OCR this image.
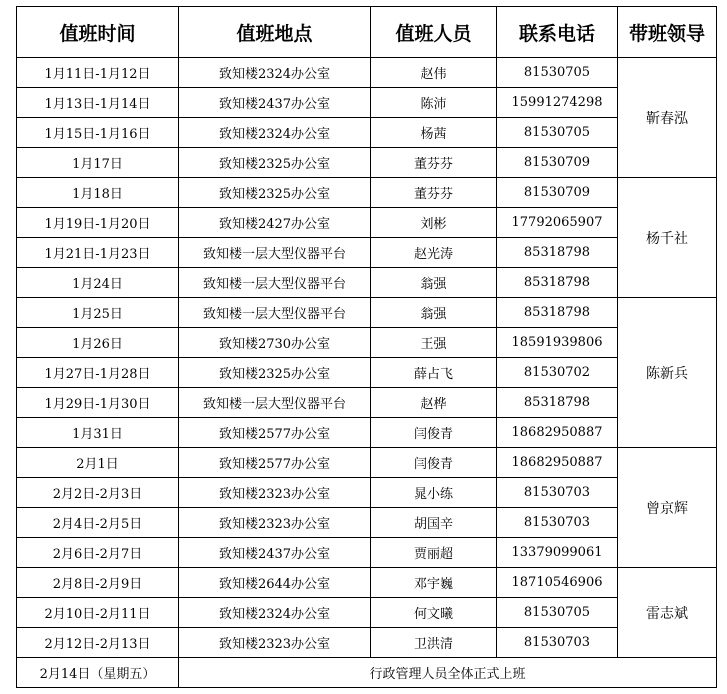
值班时间	值班地点	值班人员	联系电话	带班领导
1月11日-1月12日	致知楼2324办公室	赵伟	81530705	靳春泓
1月13日-1月14日	致知楼2437办公室	陈沛	15991274298	
1月15日-1月16日	致知楼2324办公室	杨茜	81530705	
1月17日	致知楼2325办公室	董芬芬	81530709	
1月18日	致知楼2325办公室	董芬芬	81530709	杨千社
1月19日-1月20日	致知楼2427办公室	刘彬	17792065907	
1月21日-1月23日	致知楼一层大型仪器平台	赵光涛	85318798	
1月24日	致知楼一层大型仪器平台	翁强	85318798	
1月25日	致知楼一层大型仪器平台	翁强	85318798	陈新兵
1月26日	致知楼2730办公室	王强	18591939806	
1月27日-1月28日	致知楼2325办公室	薛占飞	81530702	
1月29日-1月30日	致知楼一层大型仪器平台	赵桦	85318798	
1月31日	致知楼2577办公室	闫俊青	18682950887	
2月1日	致知楼2577办公室	闫俊青	18682950887	曾京辉
2月2日-2月3日	致知楼2323办公室	晁小练	81530703	
2月4日-2月5日	致知楼2323办公室	胡国辛	81530703	
2月6日-2月7日	致知楼2437办公室	贾丽超	13379099061	
2月8日-2月9日	致知楼2644办公室	邓宇巍	18710546906	雷志斌
2月10日-2月11日	致知楼2324办公室	何文曦	81530705	
2月12日-2月13日	致知楼2323办公室	卫洪清	81530703	
2月14日（星期五）	行政管理人员全体正式上班			
